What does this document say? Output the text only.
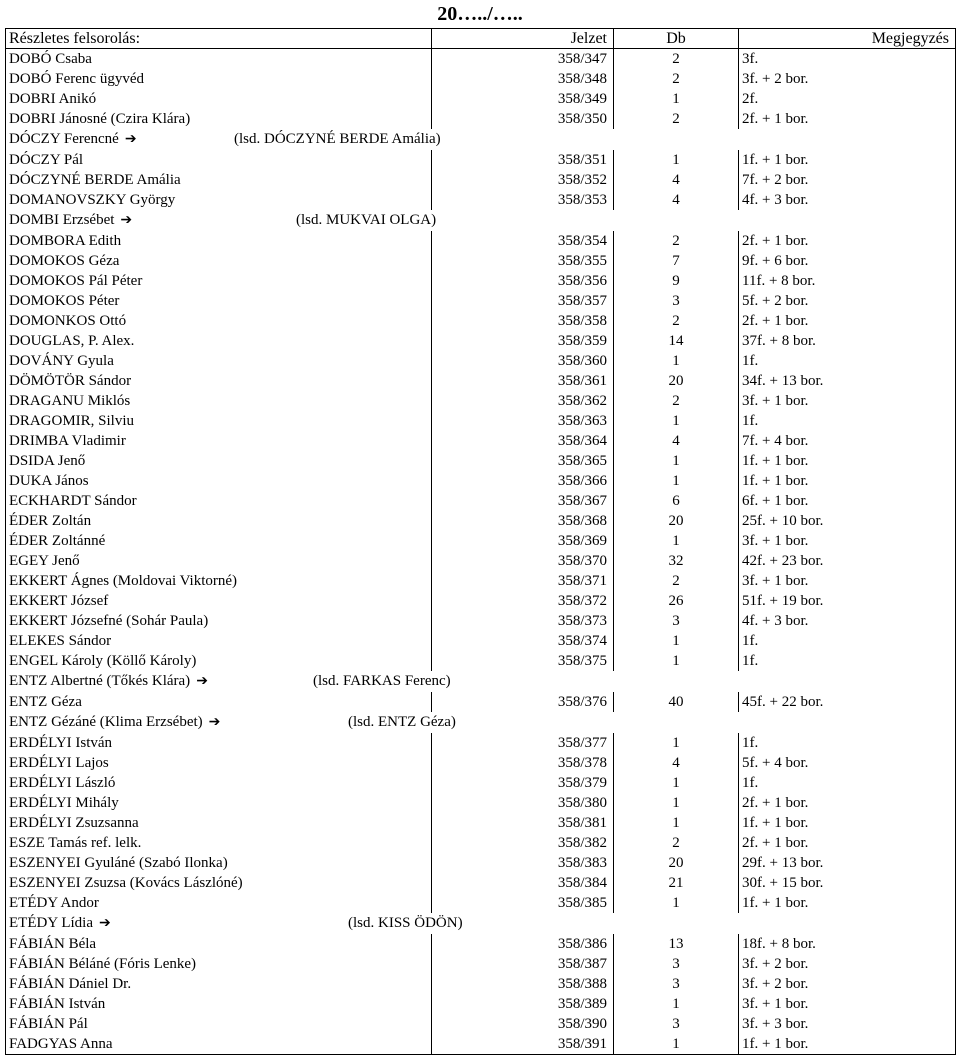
20…../…..
Részletes felsorolás:	Jelzet	Db	Megjegyzés
DOBÓ Csaba	358/347	2	3f.
DOBÓ Ferenc ügyvéd	358/348	2	3f. + 2 bor.
DOBRI Anikó	358/349	1	2f.
DOBRI Jánosné (Czira Klára)	358/350	2	2f. + 1 bor.
DÓCZY Ferencné ➔ (lsd. DÓCZYNÉ BERDE Amália)			

DÓCZY Pál	358/351	1	1f. + 1 bor.
DÓCZYNÉ BERDE Amália	358/352	4	7f. + 2 bor.
DOMANOVSZKY György	358/353	4	4f. + 3 bor.
DOMBI Erzsébet ➔ (lsd. MUKVAI OLGA)			

DOMBORA Edith	358/354	2	2f. + 1 bor.
DOMOKOS Géza	358/355	7	9f. + 6 bor.
DOMOKOS Pál Péter	358/356	9	11f. + 8 bor.
DOMOKOS Péter	358/357	3	5f. + 2 bor.
DOMONKOS Ottó	358/358	2	2f. + 1 bor.
DOUGLAS, P. Alex.	358/359	14	37f. + 8 bor.
DOVÁNY Gyula	358/360	1	1f.
DÖMÖTÖR Sándor	358/361	20	34f. + 13 bor.
DRAGANU Miklós	358/362	2	3f. + 1 bor.
DRAGOMIR, Silviu	358/363	1	1f.
DRIMBA Vladimir	358/364	4	7f. + 4 bor.
DSIDA Jenő	358/365	1	1f. + 1 bor.
DUKA János	358/366	1	1f. + 1 bor.
ECKHARDT Sándor	358/367	6	6f. + 1 bor.
ÉDER Zoltán	358/368	20	25f. + 10 bor.
ÉDER Zoltánné	358/369	1	3f. + 1 bor.
EGEY Jenő	358/370	32	42f. + 23 bor.
EKKERT Ágnes (Moldovai Viktorné)	358/371	2	3f. + 1 bor.
EKKERT József	358/372	26	51f. + 19 bor.
EKKERT Józsefné (Sohár Paula)	358/373	3	4f. + 3 bor.
ELEKES Sándor	358/374	1	1f.
ENGEL Károly (Köllő Károly)	358/375	1	1f.
ENTZ Albertné (Tőkés Klára) ➔ (lsd. FARKAS Ferenc)			

ENTZ Géza	358/376	40	45f. + 22 bor.
ENTZ Gézáné (Klima Erzsébet) ➔ (lsd. ENTZ Géza)			

ERDÉLYI István	358/377	1	1f.
ERDÉLYI Lajos	358/378	4	5f. + 4 bor.
ERDÉLYI László	358/379	1	1f.
ERDÉLYI Mihály	358/380	1	2f. + 1 bor.
ERDÉLYI Zsuzsanna	358/381	1	1f. + 1 bor.
ESZE Tamás ref. lelk.	358/382	2	2f. + 1 bor.
ESZENYEI Gyuláné (Szabó Ilonka)	358/383	20	29f. + 13 bor.
ESZENYEI Zsuzsa (Kovács Lászlóné)	358/384	21	30f. + 15 bor.
ETÉDY Andor	358/385	1	1f. + 1 bor.
ETÉDY Lídia ➔ (lsd. KISS ÖDÖN)			

FÁBIÁN Béla	358/386	13	18f. + 8 bor.
FÁBIÁN Béláné (Fóris Lenke)	358/387	3	3f. + 2 bor.
FÁBIÁN Dániel Dr.	358/388	3	3f. + 2 bor.
FÁBIÁN István	358/389	1	3f. + 1 bor.
FÁBIÁN Pál	358/390	3	3f. + 3 bor.
FADGYAS Anna	358/391	1	1f. + 1 bor.
